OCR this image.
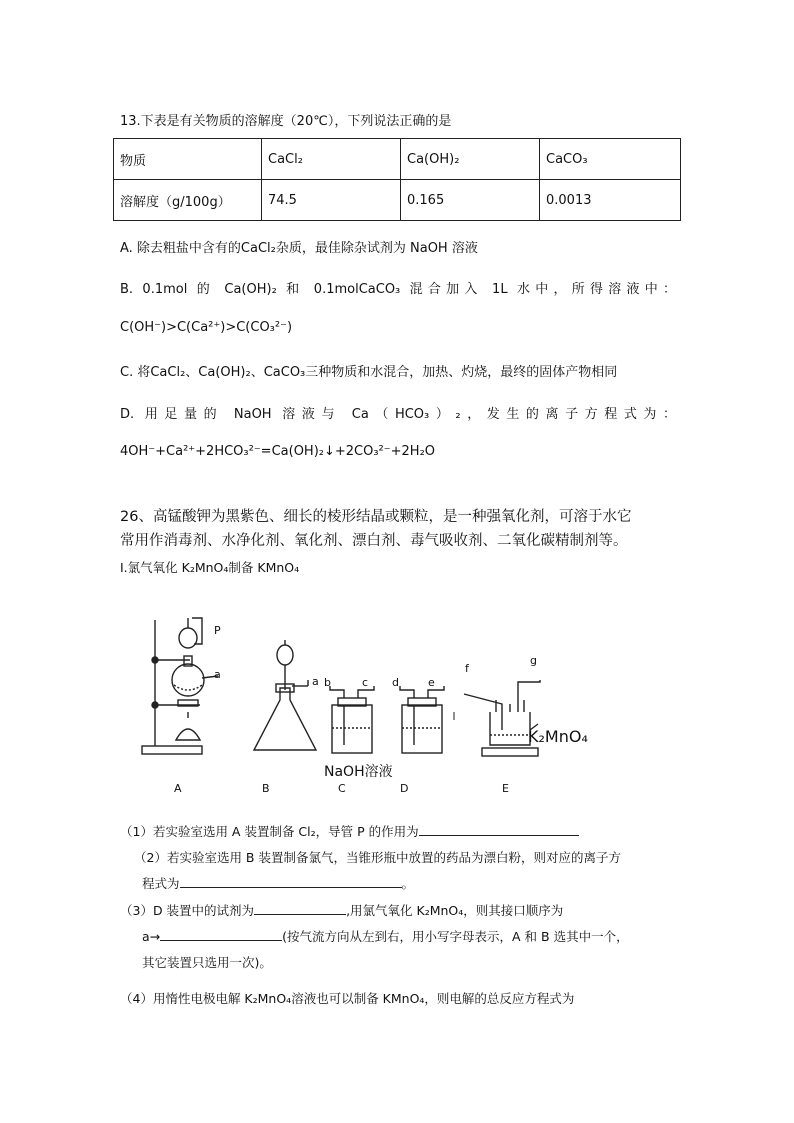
13.下表是有关物质的溶解度（20℃），下列说法正确的是
物质	CaCl₂	Ca(OH)₂	CaCO₃
溶解度（g/100g）	74.5	0.165	0.0013
A. 除去粗盐中含有的CaCl₂杂质，最佳除杂试剂为 NaOH 溶液
B. 0.1mol 的 Ca(OH)₂ 和 0.1molCaCO₃ 混合加入 1L 水中，所得溶液中：
C(OH⁻)>C(Ca²⁺)>C(CO₃²⁻)
C. 将CaCl₂、Ca(OH)₂、CaCO₃三种物质和水混合，加热、灼烧，最终的固体产物相同
D. 用足量的 NaOH 溶液与 Ca（HCO₃）₂，发生的离子方程式为：
4OH⁻+Ca²⁺+2HCO₃²⁻=Ca(OH)₂↓+2CO₃²⁻+2H₂O
26、高锰酸钾为黑紫色、细长的棱形结晶或颗粒，是一种强氧化剂，可溶于水它
常用作消毒剂、水净化剂、氧化剂、漂白剂、毒气吸收剂、二氧化碳精制剂等。
Ⅰ.氯气氧化 K₂MnO₄制备 KMnO₄
P
a
a b	c d	e
f
g
NaOH溶液
K₂MnO₄
A	B	C	D	E
（1）若实验室选用 A 装置制备 Cl₂，导管 P 的作用为
（2）若实验室选用 B 装置制备氯气，当锥形瓶中放置的药品为漂白粉，则对应的离子方
程式为	。
（3）D 装置中的试剂为	,用氯气氧化 K₂MnO₄，则其接口顺序为
a→	(按气流方向从左到右，用小写字母表示，A 和 B 选其中一个，
其它装置只选用一次)。
（4）用惰性电极电解 K₂MnO₄溶液也可以制备 KMnO₄，则电解的总反应方程式为
